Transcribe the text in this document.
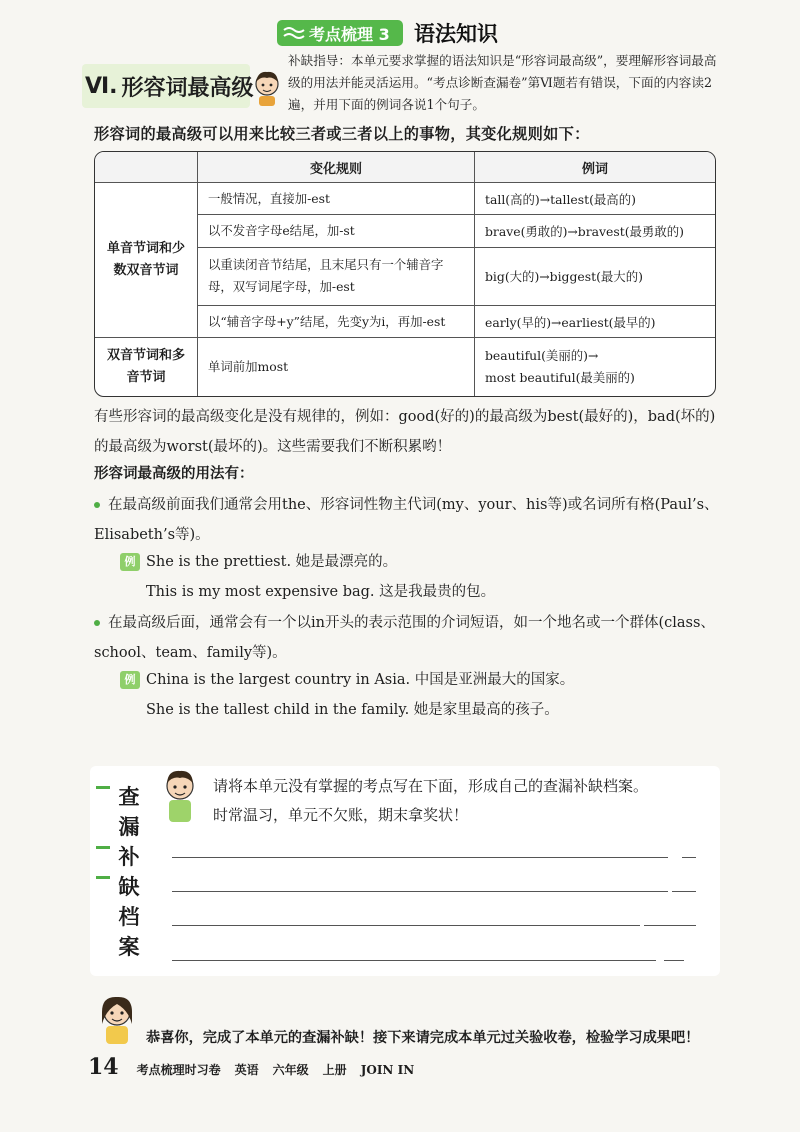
考点梳理 3 语法知识
Ⅵ. 形容词最高级
补缺指导：本单元要求掌握的语法知识是“形容词最高级”，要理解形容词最高级的用法并能灵活运用。“考点诊断查漏卷”第Ⅵ题若有错误，下面的内容读2遍，并用下面的例词各说1个句子。
形容词的最高级可以用来比较三者或三者以上的事物，其变化规则如下：
	变化规则	例词
单音节词和少数双音节词	一般情况，直接加-est	tall(高的)→tallest(最高的)
	以不发音字母e结尾，加-st	brave(勇敢的)→bravest(最勇敢的)
	以重读闭音节结尾，且末尾只有一个辅音字母，双写词尾字母，加-est	big(大的)→biggest(最大的)
	以“辅音字母+y”结尾，先变y为i，再加-est	early(早的)→earliest(最早的)
双音节词和多音节词	单词前加most	beautiful(美丽的)→
most beautiful(最美丽的)
有些形容词的最高级变化是没有规律的，例如：good(好的)的最高级为best(最好的)，bad(坏的)的最高级为worst(最坏的)。这些需要我们不断积累哟！
形容词最高级的用法有：
在最高级前面我们通常会用the、形容词性物主代词(my、your、his等)或名词所有格(Paul’s、Elisabeth’s等)。
例 She is the prettiest. 她是最漂亮的。
This is my most expensive bag. 这是我最贵的包。
在最高级后面，通常会有一个以in开头的表示范围的介词短语，如一个地名或一个群体(class、school、team、family等)。
例 China is the largest country in Asia. 中国是亚洲最大的国家。
She is the tallest child in the family. 她是家里最高的孩子。
查
漏
补
缺
档
案
请将本单元没有掌握的考点写在下面，形成自己的查漏补缺档案。
时常温习，单元不欠账，期末拿奖状！
恭喜你，完成了本单元的查漏补缺！接下来请完成本单元过关验收卷，检验学习成果吧！
14 考点梳理时习卷 英语 六年级 上册 JOIN IN
